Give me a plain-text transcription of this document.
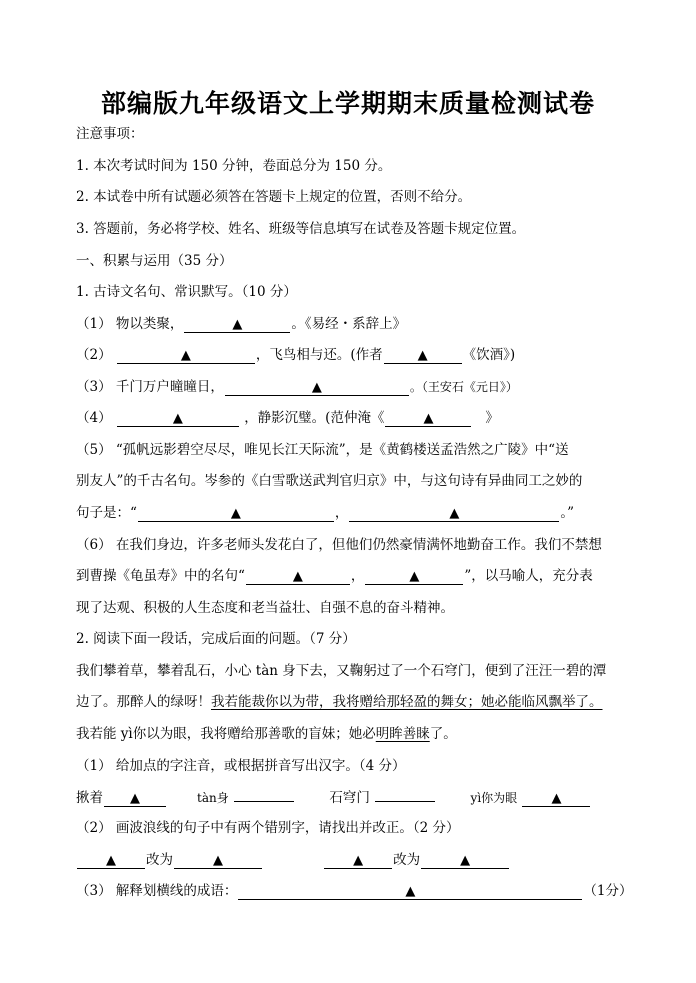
部编版九年级语文上学期期末质量检测试卷
注意事项：
1. 本次考试时间为 150 分钟，卷面总分为 150 分。
2. 本试卷中所有试题必须答在答题卡上规定的位置，否则不给分。
3. 答题前，务必将学校、姓名、班级等信息填写在试卷及答题卡规定位置。
一、积累与运用（35 分）
1. 古诗文名句、常识默写。（10 分）
（1） 物以类聚，	▲	。《易经・系辞上》
（2）	▲	，飞鸟相与还。(作者	▲	《饮酒》)
（3） 千门万户曈曈日，	▲	。（王安石《元日》）
（4）	▲	，静影沉璧。(范仲淹《	▲	》
（5） “孤帆远影碧空尽尽，唯见长江天际流”，是《黄鹤楼送孟浩然之广陵》中“送
别友人”的千古名句。岑参的《白雪歌送武判官归京》中，与这句诗有异曲同工之妙的
句子是：“	▲	，	▲	。”
（6） 在我们身边，许多老师头发花白了，但他们仍然豪情满怀地勤奋工作。我们不禁想
到曹操《龟虽寿》中的名句“	▲	，	▲	”，以马喻人，充分表
现了达观、积极的人生态度和老当益壮、自强不息的奋斗精神。
2. 阅读下面一段话，完成后面的问题。（7 分）
我们攀着草，攀着乱石，小心 tàn 身下去，又鞠躬过了一个石穹门，便到了汪汪一碧的潭
边了。那醉人的绿呀！我若能裁你以为带，我将赠给那轻盈的舞女；她必能临风飘举了。
我若能 yì你以为眼，我将赠给那善歌的盲妹；她必明眸善睐了。
（1） 给加点的字注音，或根据拼音写出汉字。（4 分）
揪着 ▲	tàn身	石穹门	yì你为眼	▲
（2） 画波浪线的句子中有两个错别字，请找出并改正。（2 分）
▲ 改为	▲	▲ 改为	▲
（3） 解释划横线的成语：	▲	（1分）
